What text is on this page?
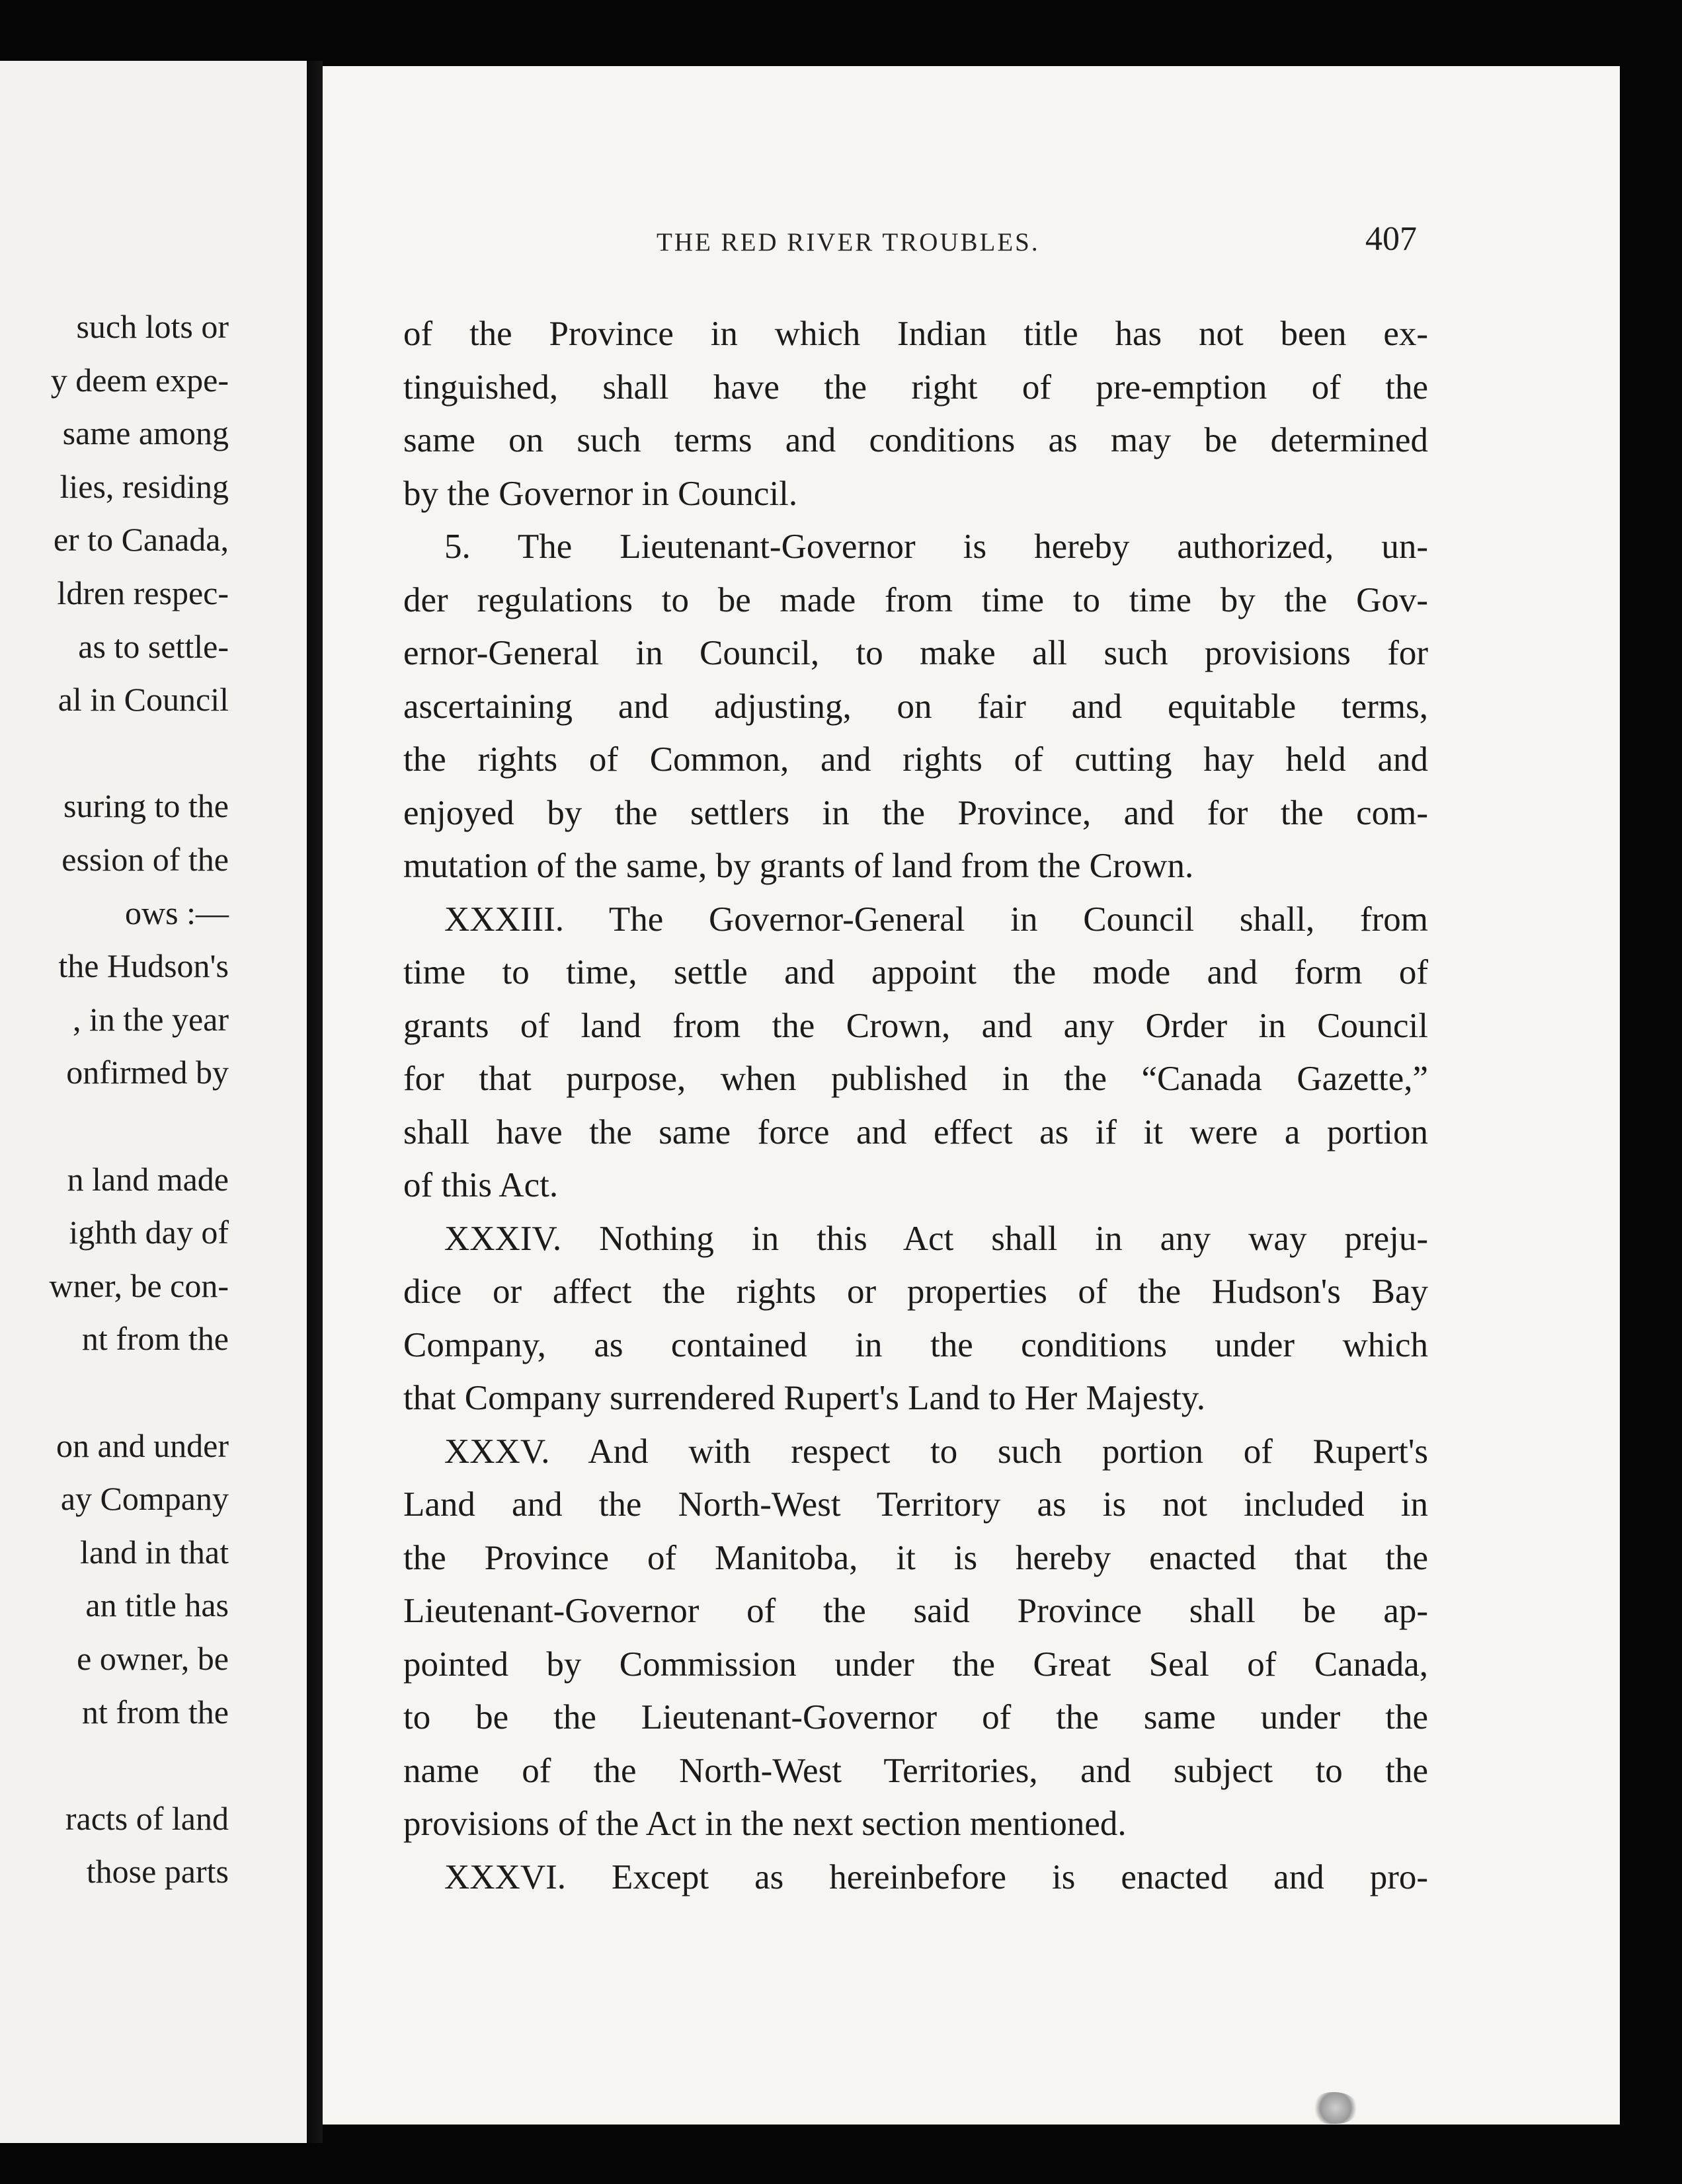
such lots or
y deem expe-
same among
lies, residing
er to Canada,
ldren respec-
as to settle-
al in Council
suring to the
ession of the
ows :—
the Hudson's
, in the year
onfirmed by
n land made
ighth day of
wner, be con-
nt from the
on and under
ay Company
land in that
an title has
e owner, be
nt from the
racts of land
those parts
THE RED RIVER TROUBLES.	407
of the Province in which Indian title has not been ex-
tinguished, shall have the right of pre-emption of the
same on such terms and conditions as may be determined
by the Governor in Council.
5. The Lieutenant-Governor is hereby authorized, un-
der regulations to be made from time to time by the Gov-
ernor-General in Council, to make all such provisions for
ascertaining and adjusting, on fair and equitable terms,
the rights of Common, and rights of cutting hay held and
enjoyed by the settlers in the Province, and for the com-
mutation of the same, by grants of land from the Crown.
XXXIII. The Governor-General in Council shall, from
time to time, settle and appoint the mode and form of
grants of land from the Crown, and any Order in Council
for that purpose, when published in the “Canada Gazette,”
shall have the same force and effect as if it were a portion
of this Act.
XXXIV. Nothing in this Act shall in any way preju-
dice or affect the rights or properties of the Hudson's Bay
Company, as contained in the conditions under which
that Company surrendered Rupert's Land to Her Majesty.
XXXV. And with respect to such portion of Rupert's
Land and the North-West Territory as is not included in
the Province of Manitoba, it is hereby enacted that the
Lieutenant-Governor of the said Province shall be ap-
pointed by Commission under the Great Seal of Canada,
to be the Lieutenant-Governor of the same under the
name of the North-West Territories, and subject to the
provisions of the Act in the next section mentioned.
XXXVI. Except as hereinbefore is enacted and pro-
